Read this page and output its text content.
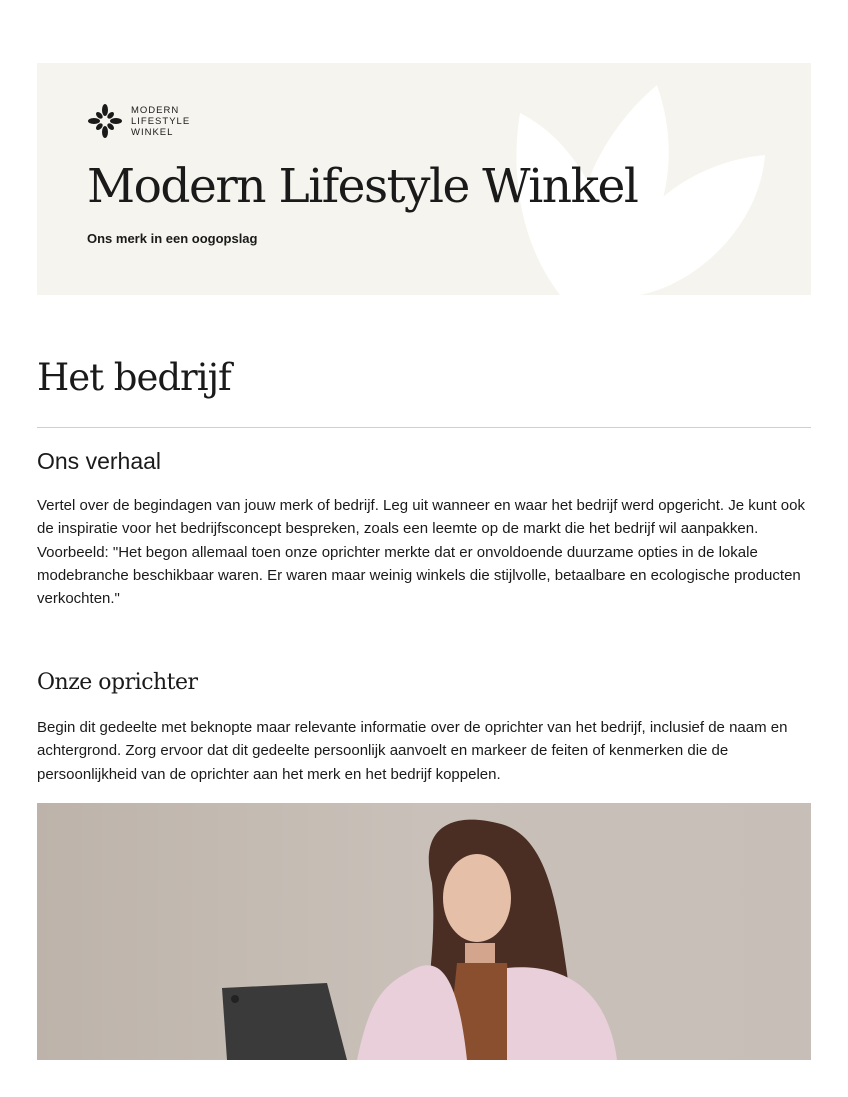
MODERN
LIFESTYLE
WINKEL
Modern Lifestyle Winkel
Ons merk in een oogopslag
Het bedrijf
Ons verhaal

Vertel over de begindagen van jouw merk of bedrijf. Leg uit wanneer en waar het bedrijf werd opgericht. Je kunt ook de inspiratie voor het bedrijfsconcept bespreken, zoals een leemte op de markt die het bedrijf wil aanpakken. Voorbeeld: "Het begon allemaal toen onze oprichter merkte dat er onvoldoende duurzame opties in de lokale modebranche beschikbaar waren. Er waren maar weinig winkels die stijlvolle, betaalbare en ecologische producten verkochten."

Onze oprichter

Begin dit gedeelte met beknopte maar relevante informatie over de oprichter van het bedrijf, inclusief de naam en achtergrond. Zorg ervoor dat dit gedeelte persoonlijk aanvoelt en markeer de feiten of kenmerken die de persoonlijkheid van de oprichter aan het merk en het bedrijf koppelen.
